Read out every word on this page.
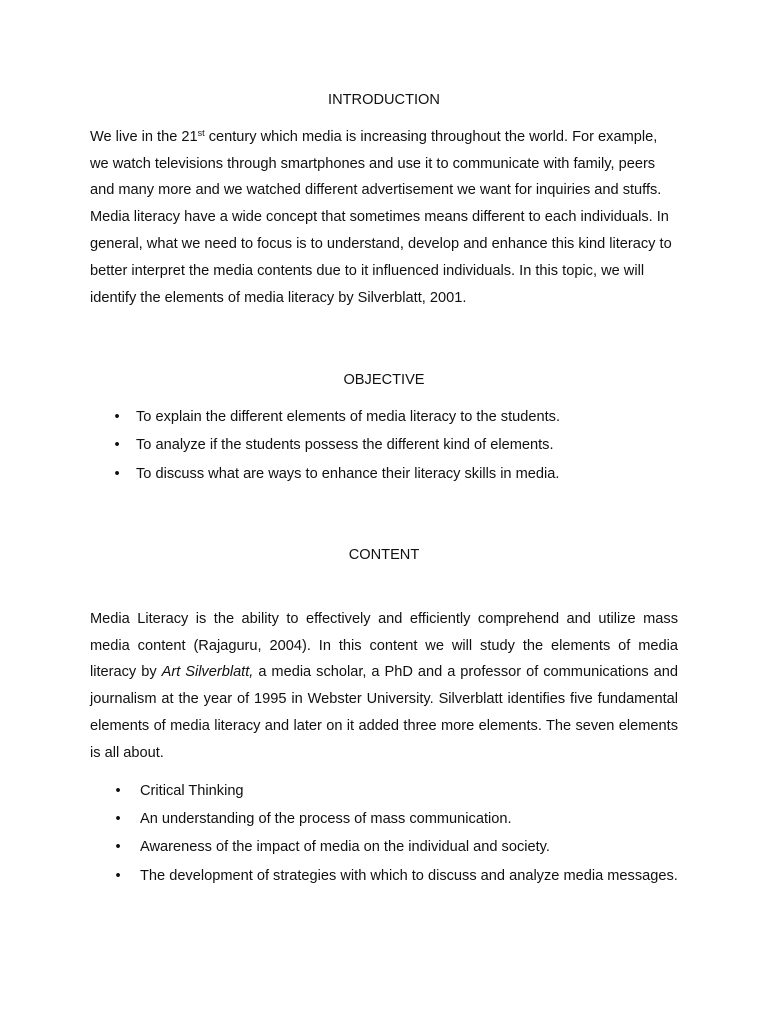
INTRODUCTION

We live in the 21st century which media is increasing throughout the world. For example, we watch televisions through smartphones and use it to communicate with family, peers and many more and we watched different advertisement we want for inquiries and stuffs. Media literacy have a wide concept that sometimes means different to each individuals. In general, what we need to focus is to understand, develop and enhance this kind literacy to better interpret the media contents due to it influenced individuals. In this topic, we will identify the elements of media literacy by Silverblatt, 2001.

OBJECTIVE
• To explain the different elements of media literacy to the students.
• To analyze if the students possess the different kind of elements.
• To discuss what are ways to enhance their literacy skills in media.
CONTENT

Media Literacy is the ability to effectively and efficiently comprehend and utilize mass media content (Rajaguru, 2004). In this content we will study the elements of media literacy by Art Silverblatt, a media scholar, a PhD and a professor of communications and journalism at the year of 1995 in Webster University. Silverblatt identifies five fundamental elements of media literacy and later on it added three more elements. The seven elements is all about.

• Critical Thinking
• An understanding of the process of mass communication.
• Awareness of the impact of media on the individual and society.
• The development of strategies with which to discuss and analyze media messages.
